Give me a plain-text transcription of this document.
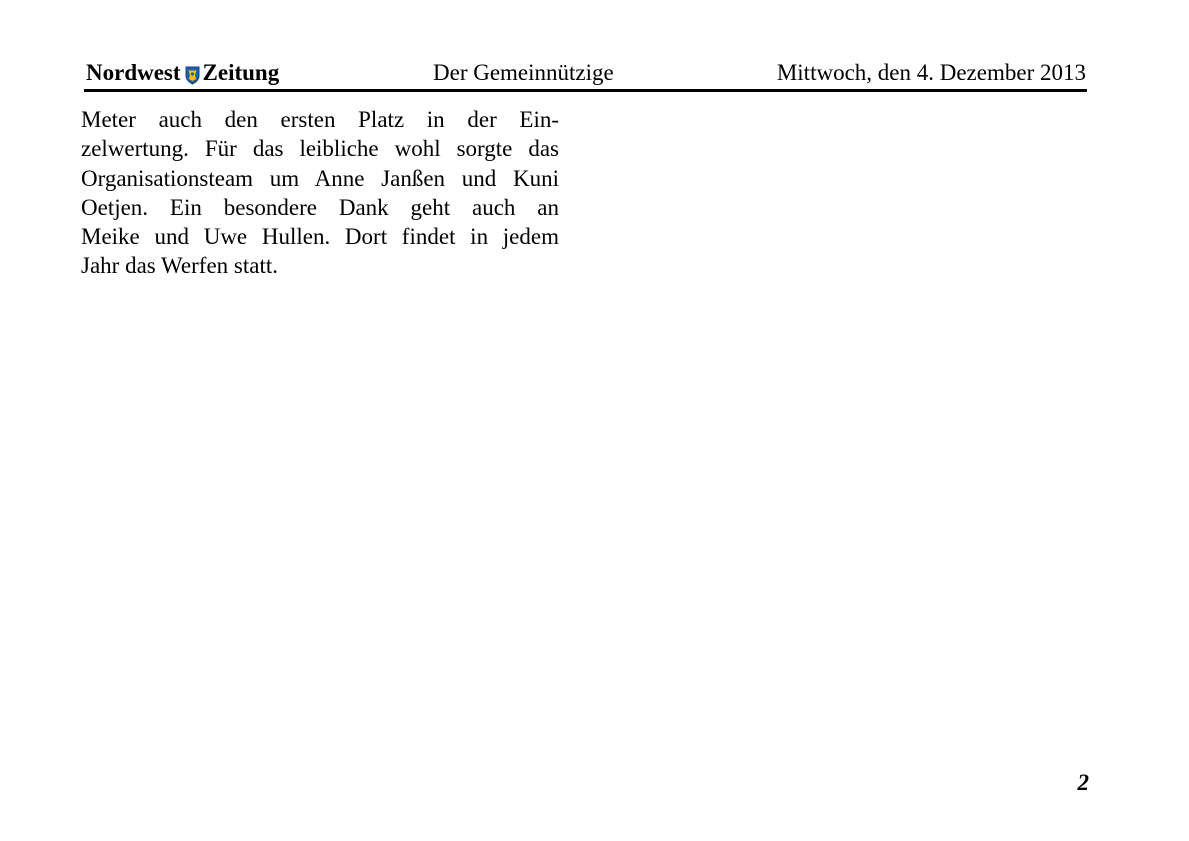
Nordwest Zeitung	Der Gemeinnützige	Mittwoch, den 4. Dezember 2013

Meter auch den ersten Platz in der Ein-

zelwertung. Für das leibliche wohl sorgte das

Organisationsteam um Anne Janßen und Kuni

Oetjen. Ein besondere Dank geht auch an

Meike und Uwe Hullen. Dort findet in jedem

Jahr das Werfen statt.

2
